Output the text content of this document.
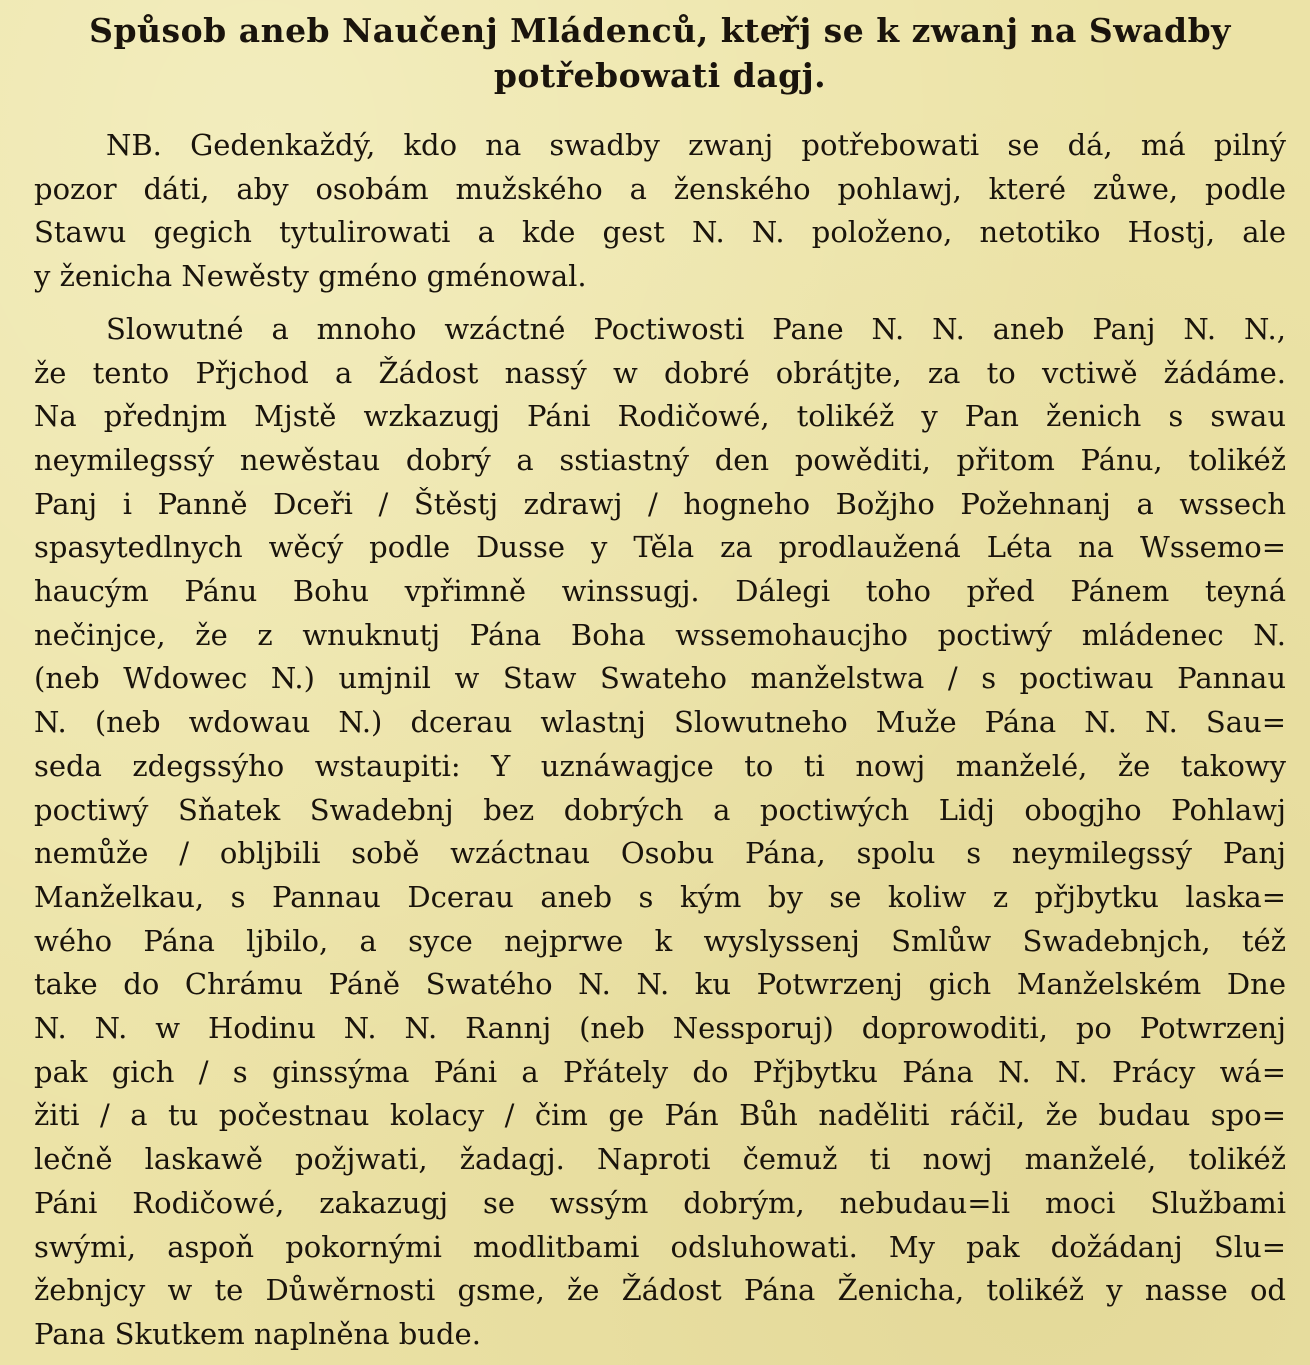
Spůsob aneb Naučenj Mládenců, kte̛řj se k zwanj na Swadby
potřebowati dagj.

NB. Gedenkaždý, kdo na swadby zwanj potřebowati se dá, má pilný
pozor dáti, aby osobám mužského a ženského pohlawj, které zůwe, podle
Stawu gegich tytulirowati a kde gest N. N. položeno, netotiko Hostj, ale
y ženicha Newěsty gméno gménowal.

Slowutné a mnoho wzáctné Poctiwosti Pane N. N. aneb Panj N. N.,
že tento Přjchod a Žádost nassý w dobré obrátjte, za to vctiwě žádáme.
Na přednjm Mjstě wzkazugj Páni Rodičowé, tolikéž y Pan ženich s swau
neymilegssý newěstau dobrý a sstiastný den powěditi, přitom Pánu, tolikéž
Panj i Panně Dceři / Štěstj zdrawj / hogneho Božjho Požehnanj a wssech
spasytedlnych wěcý podle Dusse y Těla za prodlaužená Léta na Wssemo=
haucým Pánu Bohu vpřimně winssugj. Dálegi toho před Pánem teyná
nečinjce, že z wnuknutj Pána Boha wssemohaucjho poctiwý mládenec N.
(neb Wdowec N.) umjnil w Staw Swateho manželstwa / s poctiwau Pannau
N. (neb wdowau N.) dcerau wlastnj Slowutneho Muže Pána N. N. Sau=
seda zdegssýho wstaupiti: Y uznáwagjce to ti nowj manželé, že takowy
poctiwý Sňatek Swadebnj bez dobrých a poctiwých Lidj obogjho Pohlawj
nemůže / obljbili sobě wzáctnau Osobu Pána, spolu s neymilegssý Panj
Manželkau, s Pannau Dcerau aneb s kým by se koliw z přjbytku laska=
wého Pána ljbilo, a syce nejprwe k wyslyssenj Smlůw Swadebnjch, též
take do Chrámu Páně Swatého N. N. ku Potwrzenj gich Manželském Dne
N. N. w Hodinu N. N. Rannj (neb Nessporuj) doprowoditi, po Potwrzenj
pak gich / s ginssýma Páni a Přátely do Přjbytku Pána N. N. Prácy wá=
žiti / a tu počestnau kolacy / čim ge Pán Bůh naděliti ráčil, že budau spo=
lečně laskawě požjwati, žadagj. Naproti čemuž ti nowj manželé, tolikéž
Páni Rodičowé, zakazugj se wssým dobrým, nebudau=li moci Službami
swými, aspoň pokornými modlitbami odsluhowati. My pak dožádanj Slu=
žebnjcy w te Důwěrnosti gsme, že Žádost Pána Ženicha, tolikéž y nasse od
Pana Skutkem naplněna bude.
